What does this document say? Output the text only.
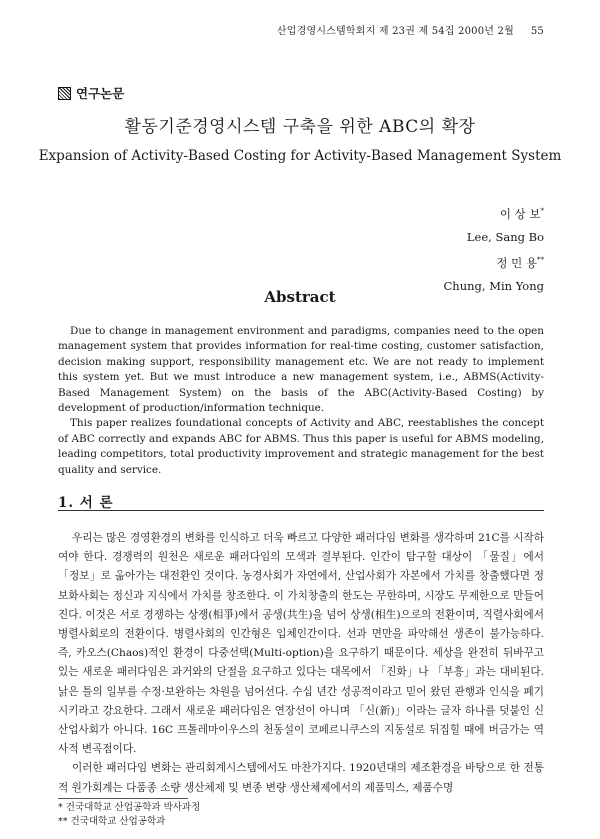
산업경영시스템학회지 제 23권 제 54집 2000년 2월 55
연구논문
활동기준경영시스템 구축을 위한 ABC의 확장
Expansion of Activity-Based Costing for Activity-Based Management System
이 상 보*
Lee, Sang Bo
정 민 용**
Chung, Min Yong
Abstract

Due to change in management environment and paradigms, companies need to the open management system that provides information for real-time costing, customer satisfaction, decision making support, responsibility management etc. We are not ready to implement this system yet. But we must introduce a new management system, i.e., ABMS(Activity- Based Management System) on the basis of the ABC(Activity-Based Costing) by development of production/information technique.

This paper realizes foundational concepts of Activity and ABC, reestablishes the concept of ABC correctly and expands ABC for ABMS. Thus this paper is useful for ABMS modeling, leading competitors, total productivity improvement and strategic management for the best quality and service.

1. 서 론

우리는 많은 경영환경의 변화를 인식하고 더욱 빠르고 다양한 패러다임 변화를 생각하며 21C를 시작하여야 한다. 경쟁력의 원천은 새로운 패러다임의 모색과 결부된다. 인간이 탐구할 대상이 「물질」에서 「정보」로 옮아가는 대전환인 것이다. 농경사회가 자연에서, 산업사회가 자본에서 가치를 창출했다면 정보화사회는 정신과 지식에서 가치를 창조한다. 이 가치창출의 한도는 무한하며, 시장도 무제한으로 만들어진다. 이것은 서로 경쟁하는 상쟁(相爭)에서 공생(共生)을 넘어 상생(相生)으로의 전환이며, 직렬사회에서 병렬사회로의 전환이다. 병렬사회의 인간형은 입체인간이다. 선과 면만을 파악해선 생존이 불가능하다. 즉, 카오스(Chaos)적인 환경이 다중선택(Multi-option)을 요구하기 때문이다. 세상을 완전히 뒤바꾸고 있는 새로운 패러다임은 과거와의 단절을 요구하고 있다는 대목에서 「진화」나 「부흥」과는 대비된다. 낡은 틀의 일부를 수정·보완하는 차원을 넘어선다. 수십 년간 성공적이라고 믿어 왔던 관행과 인식을 폐기시키라고 강요한다. 그래서 새로운 패러다임은 연장선이 아니며 「신(新)」이라는 글자 하나를 덧붙인 신산업사회가 아니다. 16C 프톨레마이우스의 천동설이 코페르니쿠스의 지동설로 뒤집힐 때에 버금가는 역사적 변곡점이다.

이러한 패러다임 변화는 관리회계시스템에서도 마찬가지다. 1920년대의 제조환경을 바탕으로 한 전통적 원가회계는 다품종 소량 생산체제 및 변종 변량 생산체제에서의 제품믹스, 제품수명

* 건국대학교 산업공학과 박사과정
** 건국대학교 산업공학과
